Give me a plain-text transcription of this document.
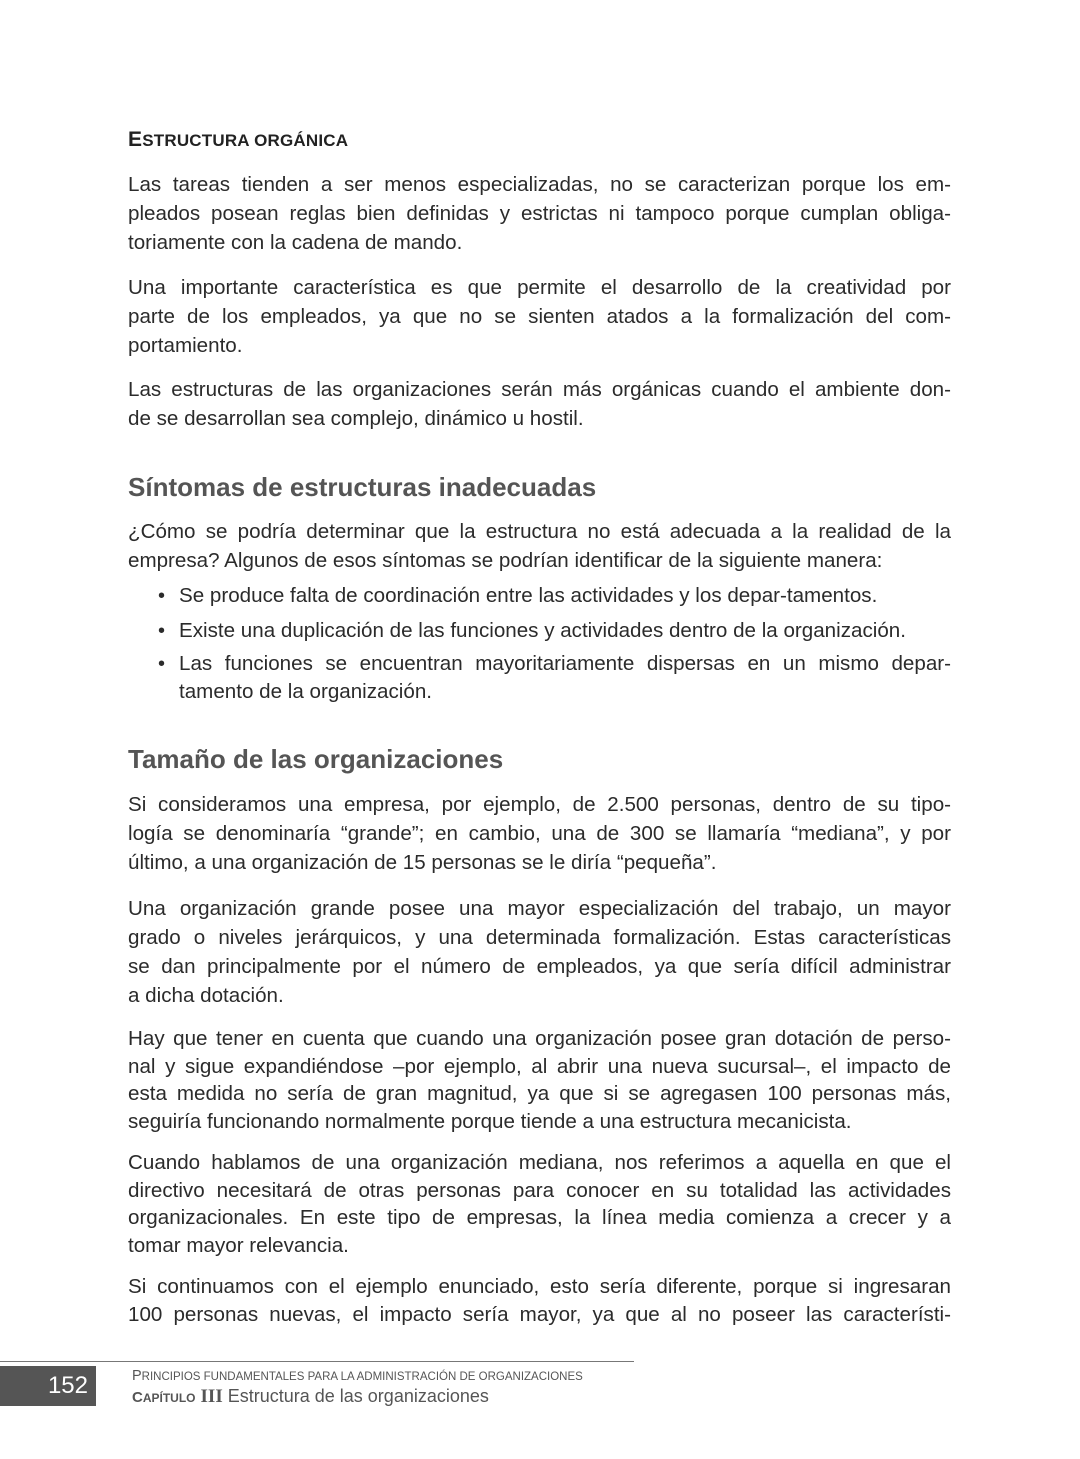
ESTRUCTURA ORGÁNICA
Síntomas de estructuras inadecuadas
Tamaño de las organizaciones
Las tareas tienden a ser menos especializadas, no se caracterizan porque los em-
pleados posean reglas bien definidas y estrictas ni tampoco porque cumplan obliga-
toriamente con la cadena de mando.
Una importante característica es que permite el desarrollo de la creatividad por
parte de los empleados, ya que no se sienten atados a la formalización del com-
portamiento.
Las estructuras de las organizaciones serán más orgánicas cuando el ambiente don-
de se desarrollan sea complejo, dinámico u hostil.
¿Cómo se podría determinar que la estructura no está adecuada a la realidad de la
empresa? Algunos de esos síntomas se podrían identificar de la siguiente manera:
Si consideramos una empresa, por ejemplo, de 2.500 personas, dentro de su tipo-
logía se denominaría “grande”; en cambio, una de 300 se llamaría “mediana”, y por
último, a una organización de 15 personas se le diría “pequeña”.
Una organización grande posee una mayor especialización del trabajo, un mayor
grado o niveles jerárquicos, y una determinada formalización. Estas características
se dan principalmente por el número de empleados, ya que sería difícil administrar
a dicha dotación.
Hay que tener en cuenta que cuando una organización posee gran dotación de perso-
nal y sigue expandiéndose –por ejemplo, al abrir una nueva sucursal–, el impacto de
esta medida no sería de gran magnitud, ya que si se agregasen 100 personas más,
seguiría funcionando normalmente porque tiende a una estructura mecanicista.
Cuando hablamos de una organización mediana, nos referimos a aquella en que el
directivo necesitará de otras personas para conocer en su totalidad las actividades
organizacionales. En este tipo de empresas, la línea media comienza a crecer y a
tomar mayor relevancia.
Si continuamos con el ejemplo enunciado, esto sería diferente, porque si ingresaran
100 personas nuevas, el impacto sería mayor, ya que al no poseer las característi-
• Se produce falta de coordinación entre las actividades y los depar-tamentos.
• Existe una duplicación de las funciones y actividades dentro de la organización.
• Las funciones se encuentran mayoritariamente dispersas en un mismo depar-
tamento de la organización.
152	PRINCIPIOS FUNDAMENTALES PARA LA ADMINISTRACIÓN DE ORGANIZACIONES
CAPÍTULO III Estructura de las organizaciones
